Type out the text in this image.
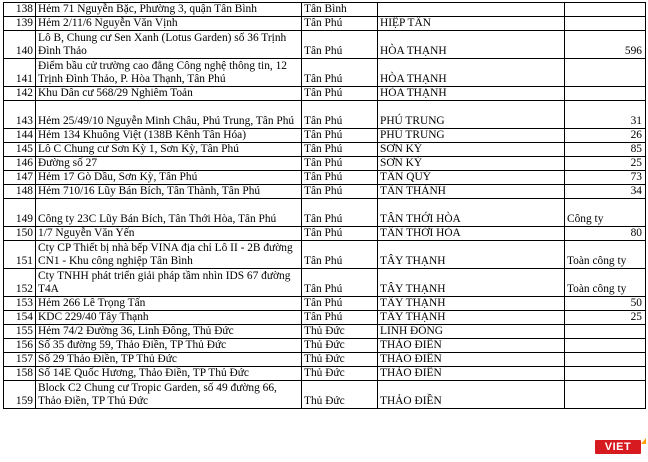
138	Hẻm 71 Nguyễn Bặc, Phường 3, quận Tân Bình	Tân Bình		
139	Hẻm 2/11/6 Nguyễn Văn Vịnh	Tân Phú	HIỆP TÂN	
140	Lô B, Chung cư Sen Xanh (Lotus Garden) số 36 Trịnh Đình Thảo	Tân Phú	HÒA THẠNH	596
141	Điểm bầu cử trường cao đẳng Công nghệ thông tin, 12 Trịnh Đình Thảo, P. Hòa Thạnh, Tân Phú	Tân Phú	HÒA THẠNH	
142	Khu Dân cư 568/29 Nghiêm Toản	Tân Phú	HÒA THẠNH	
143	Hẻm 25/49/10 Nguyễn Minh Châu, Phú Trung, Tân Phú	Tân Phú	PHÚ TRUNG	31
144	Hẻm 134 Khuông Việt (138B Kênh Tân Hóa)	Tân Phú	PHÚ TRUNG	26
145	Lô C Chung cư Sơn Kỳ 1, Sơn Kỳ, Tân Phú	Tân Phú	SƠN KỲ	85
146	Đường số 27	Tân Phú	SƠN KỲ	25
147	Hẻm 17 Gò Dầu, Sơn Kỳ, Tân Phú	Tân Phú	TÂN QUÝ	73
148	Hẻm 710/16 Lũy Bán Bích, Tân Thành, Tân Phú	Tân Phú	TÂN THÀNH	34
149	Công ty 23C Lũy Bán Bích, Tân Thới Hòa, Tân Phú	Tân Phú	TÂN THỚI HÒA	Công ty
150	1/7 Nguyễn Văn Yến	Tân Phú	TÂN THỚI HÒA	80
151	Cty CP Thiết bị nhà bếp VINA địa chỉ Lô II - 2B đường CN1 - Khu công nghiệp Tân Bình	Tân Phú	TÂY THẠNH	Toàn công ty
152	Cty TNHH phát triển giải pháp tầm nhìn IDS 67 đường T4A	Tân Phú	TÂY THẠNH	Toàn công ty
153	Hẻm 266 Lê Trọng Tấn	Tân Phú	TÂY THẠNH	50
154	KDC 229/40 Tây Thạnh	Tân Phú	TÂY THẠNH	25
155	Hẻm 74/2 Đường 36, Linh Đông, Thủ Đức	Thủ Đức	LINH ĐÔNG	
156	Số 35 đường 59, Thảo Điền, TP Thủ Đức	Thủ Đức	THẢO ĐIỀN	
157	Số 29 Thảo Điền, TP Thủ Đức	Thủ Đức	THẢO ĐIỀN	
158	Số 14E Quốc Hương, Thảo Điền, TP Thủ Đức	Thủ Đức	THẢO ĐIỀN	
159	Block C2 Chung cư Tropic Garden, số 49 đường 66, Thảo Điền, TP Thủ Đức	Thủ Đức	THẢO ĐIỀN	
VIET
